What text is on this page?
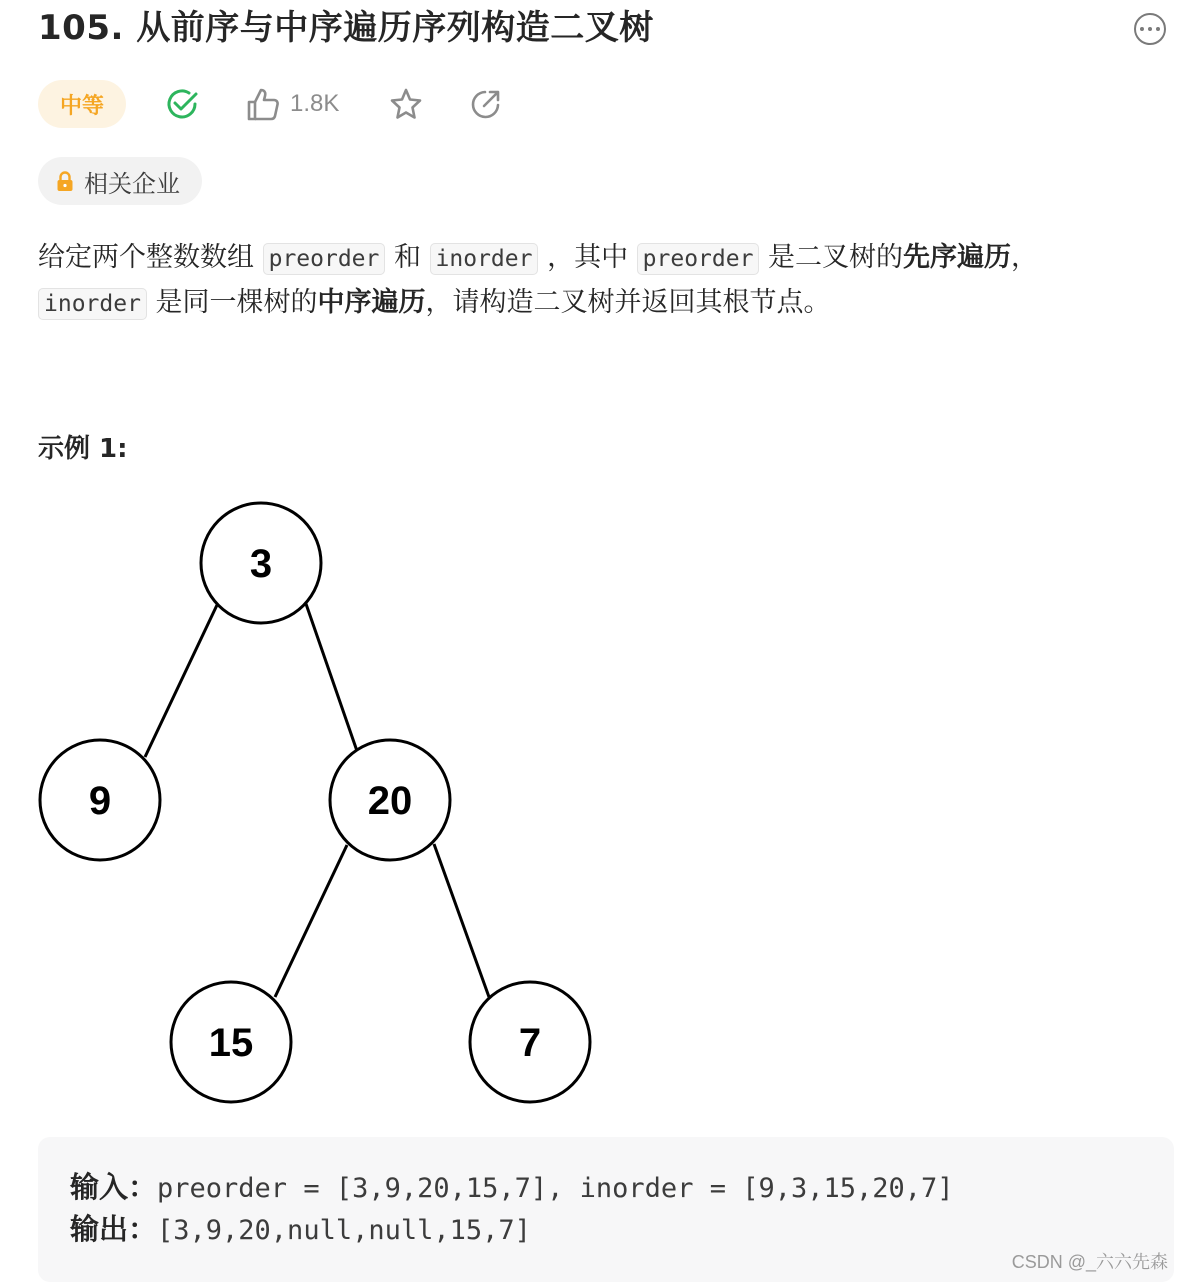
105. 从前序与中序遍历序列构造二叉树
中等	1.8K
相关企业
给定两个整数数组 preorder 和 inorder ，其中 preorder 是二叉树的先序遍历，
inorder 是同一棵树的中序遍历，请构造二叉树并返回其根节点。
示例 1:
3
9	20
15	7
输入：preorder = [3,9,20,15,7], inorder = [9,3,15,20,7]
输出：[3,9,20,null,null,15,7]
CSDN @_六六先森
